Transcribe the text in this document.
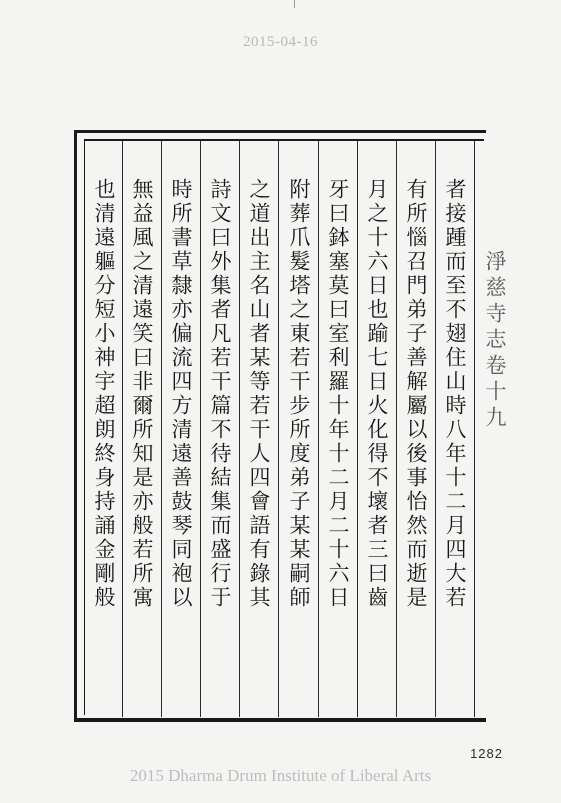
2015-04-16
淨慈寺志卷十九
者接踵而至不翅住山時八年十二月四大若
有所惱召門弟子善解屬以後事怡然而逝是
月之十六日也踰七日火化得不壞者三曰齒
牙曰鉢塞莫曰室利羅十年十二月二十六日
附葬爪髮塔之東若干步所度弟子某某嗣師
之道出主名山者某等若干人四會語有錄其
詩文曰外集者凡若干篇不待結集而盛行于
時所書草隸亦偏流四方清遠善鼓琴同袍以
無益風之清遠笑曰非爾所知是亦般若所寓
也清遠軀分短小神宇超朗終身持誦金剛般
1282
2015 Dharma Drum Institute of Liberal Arts
